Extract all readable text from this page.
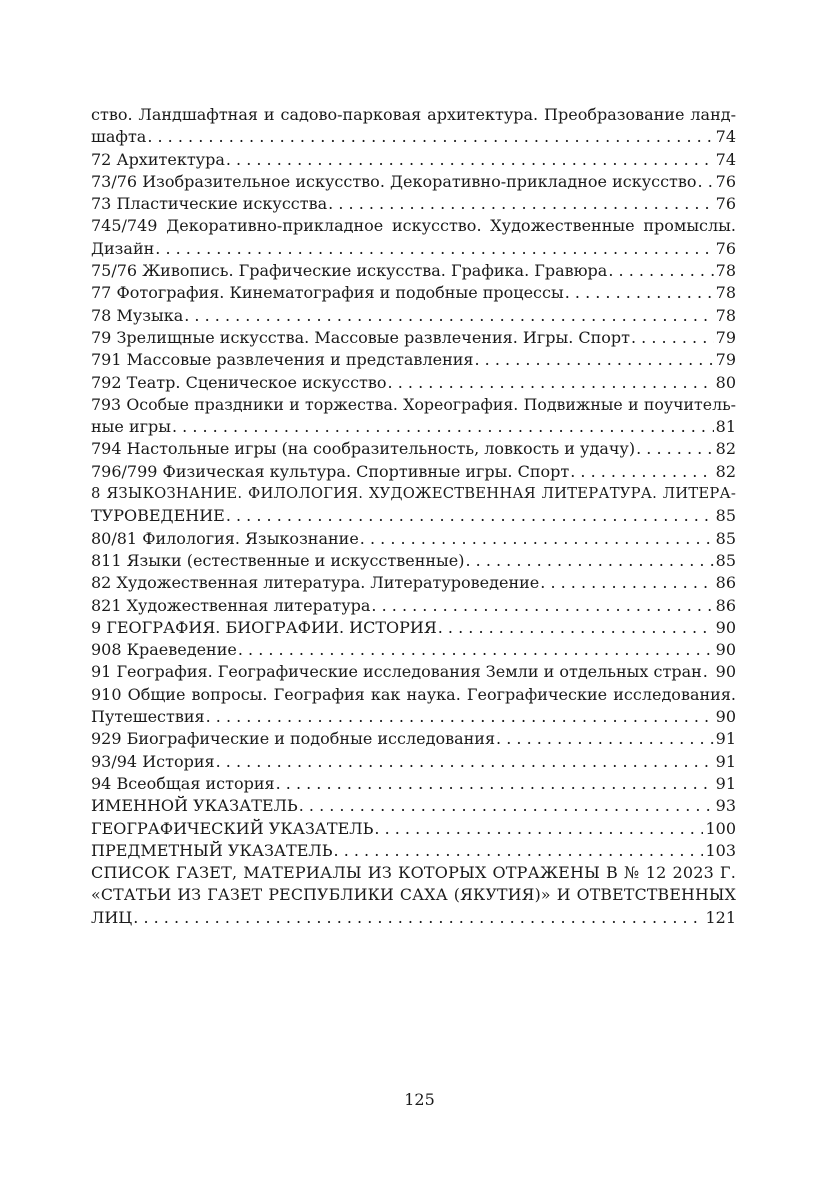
ство. Ландшафтная и садово-парковая архитектура. Преобразование ланд-
шафта . . .	74
72 Архитектура . . .	74
73/76 Изобразительное искусство. Декоративно-прикладное искусство . . . 76
73 Пластические искусства . . .	76
745/749 Декоративно-прикладное искусство. Художественные промыслы.
Дизайн . . .	76
75/76 Живопись. Графические искусства. Графика. Гравюра . . .	78
77 Фотография. Кинематография и подобные процессы . . .	78
78 Музыка . . .	78
79 Зрелищные искусства. Массовые развлечения. Игры. Спорт . . .	79
791 Массовые развлечения и представления . . .	79
792 Театр. Сценическое искусство . . .	80
793 Особые праздники и торжества. Хореография. Подвижные и поучитель-
ные игры . . .	81
794 Настольные игры (на сообразительность, ловкость и удачу) . . .	82
796/799 Физическая культура. Спортивные игры. Спорт . . .	82
8 ЯЗЫКОЗНАНИЕ. ФИЛОЛОГИЯ. ХУДОЖЕСТВЕННАЯ ЛИТЕРАТУРА. ЛИТЕРА-
ТУРОВЕДЕНИЕ . . .	85
80/81 Филология. Языкознание . . .	85
811 Языки (естественные и искусственные) . . .	85
82 Художественная литература. Литературоведение . . .	86
821 Художественная литература . . .	86
9 ГЕОГРАФИЯ. БИОГРАФИИ. ИСТОРИЯ . . .	90
908 Краеведение . . .	90
91 География. Географические исследования Земли и отдельных стран . . . 90
910 Общие вопросы. География как наука. Географические исследования.
Путешествия . . .	90
929 Биографические и подобные исследования . . .	91
93/94 История . . .	91
94 Всеобщая история . . .	91
ИМЕННОЙ УКАЗАТЕЛЬ . . .	93
ГЕОГРАФИЧЕСКИЙ УКАЗАТЕЛЬ . . .	100
ПРЕДМЕТНЫЙ УКАЗАТЕЛЬ . . .	103
СПИСОК ГАЗЕТ, МАТЕРИАЛЫ ИЗ КОТОРЫХ ОТРАЖЕНЫ В № 12 2023 Г.
«СТАТЬИ ИЗ ГАЗЕТ РЕСПУБЛИКИ САХА (ЯКУТИЯ)» И ОТВЕТСТВЕННЫХ
ЛИЦ . . .	121
125
